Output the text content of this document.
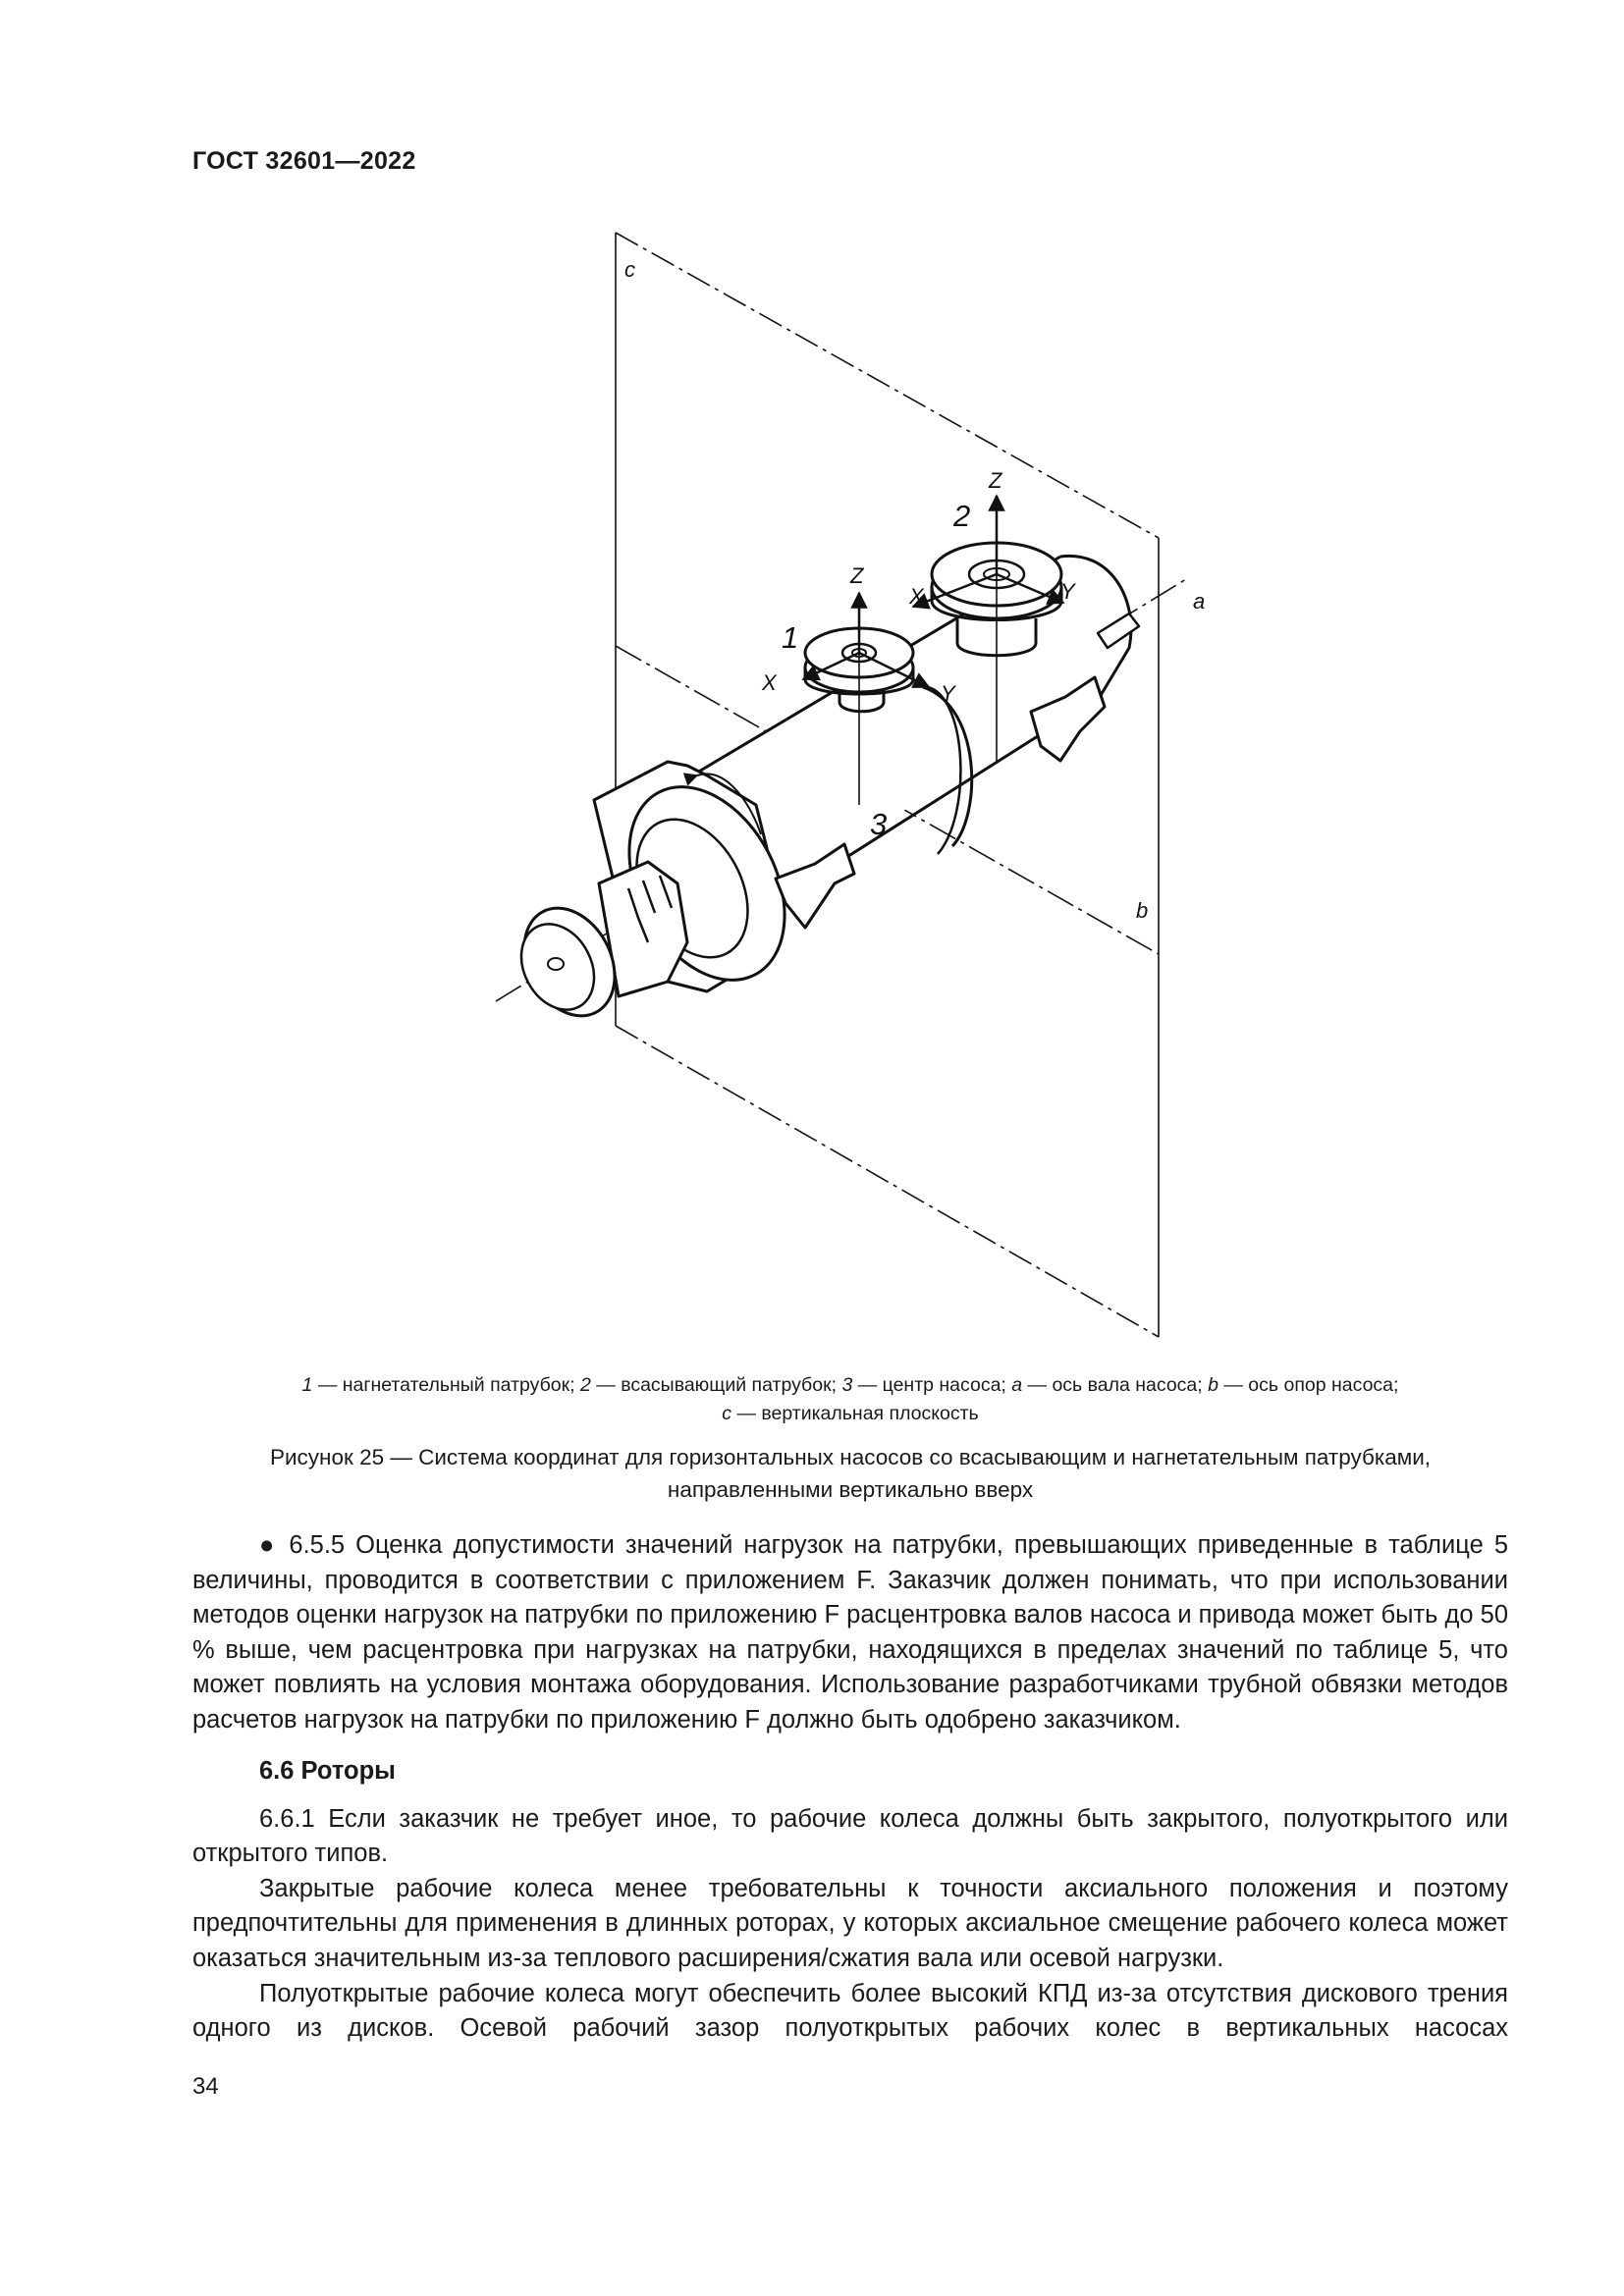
ГОСТ 32601—2022
c
a
b
Z
X	Y
Z
X	Y
1
2
3
1 — нагнетательный патрубок; 2 — всасывающий патрубок; 3 — центр насоса; a — ось вала насоса; b — ось опор насоса;
c — вертикальная плоскость
Рисунок 25 — Система координат для горизонтальных насосов со всасывающим и нагнетательным патрубками,
направленными вертикально вверх

● 6.5.5 Оценка допустимости значений нагрузок на патрубки, превышающих приведенные в таблице 5 величины, проводится в соответствии с приложением F. Заказчик должен понимать, что при использовании методов оценки нагрузок на патрубки по приложению F расцентровка валов насоса и привода может быть до 50 % выше, чем расцентровка при нагрузках на патрубки, находящихся в пределах значений по таблице 5, что может повлиять на условия монтажа оборудования. Использование разработчиками трубной обвязки методов расчетов нагрузок на патрубки по приложению F должно быть одобрено заказчиком.

6.6 Роторы

6.6.1 Если заказчик не требует иное, то рабочие колеса должны быть закрытого, полуоткрытого или открытого типов.

Закрытые рабочие колеса менее требовательны к точности аксиального положения и поэтому предпочтительны для применения в длинных роторах, у которых аксиальное смещение рабочего колеса может оказаться значительным из-за теплового расширения/сжатия вала или осевой нагрузки.

Полуоткрытые рабочие колеса могут обеспечить более высокий КПД из-за отсутствия дискового трения одного из дисков. Осевой рабочий зазор полуоткрытых рабочих колес в вертикальных насосах

34
